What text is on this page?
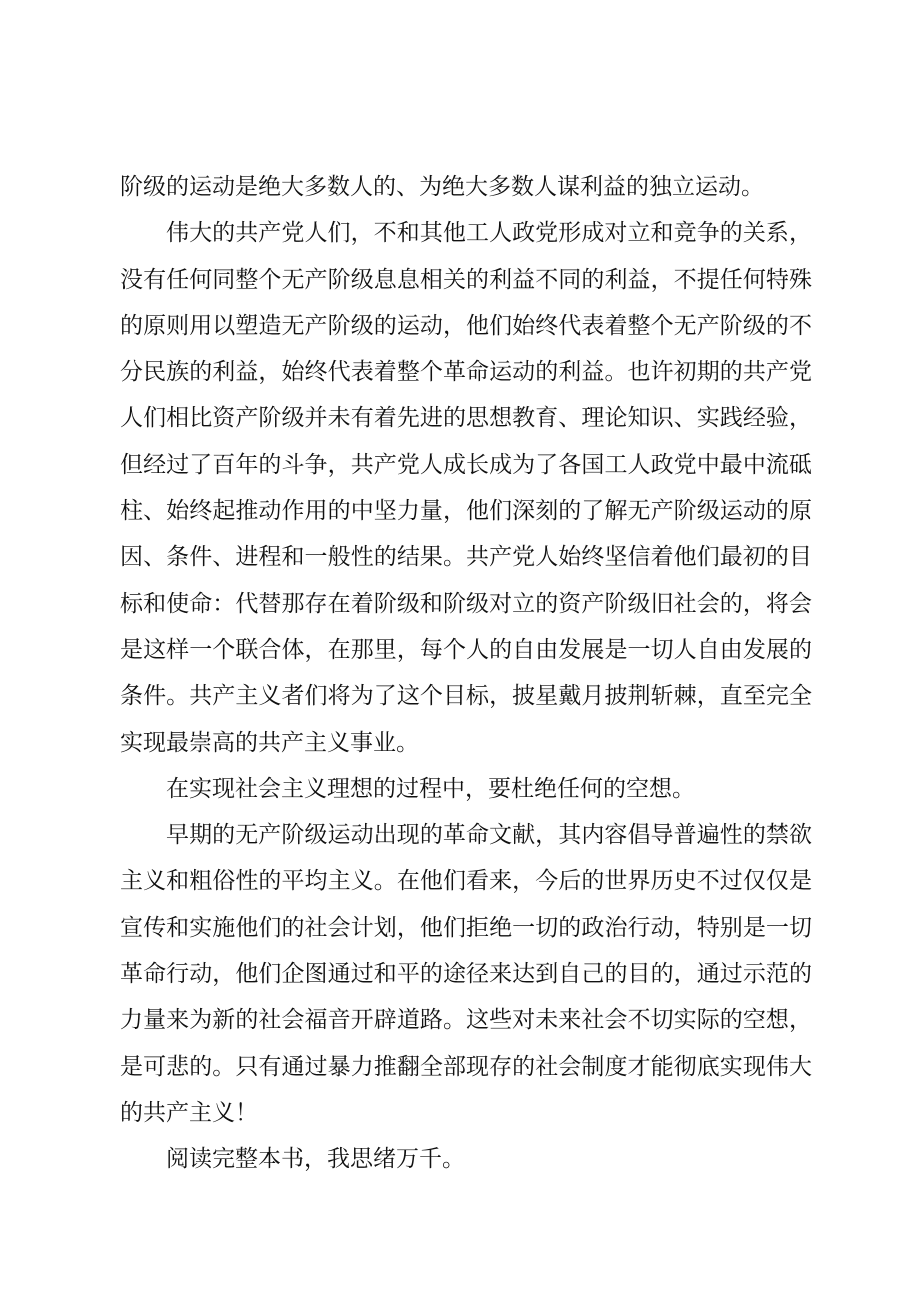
阶级的运动是绝大多数人的、为绝大多数人谋利益的独立运动。

伟大的共产党人们，不和其他工人政党形成对立和竞争的关系，没有任何同整个无产阶级息息相关的利益不同的利益，不提任何特殊的原则用以塑造无产阶级的运动，他们始终代表着整个无产阶级的不分民族的利益，始终代表着整个革命运动的利益。也许初期的共产党人们相比资产阶级并未有着先进的思想教育、理论知识、实践经验，但经过了百年的斗争，共产党人成长成为了各国工人政党中最中流砥柱、始终起推动作用的中坚力量，他们深刻的了解无产阶级运动的原因、条件、进程和一般性的结果。共产党人始终坚信着他们最初的目标和使命：代替那存在着阶级和阶级对立的资产阶级旧社会的，将会是这样一个联合体，在那里，每个人的自由发展是一切人自由发展的条件。共产主义者们将为了这个目标，披星戴月披荆斩棘，直至完全实现最崇高的共产主义事业。

在实现社会主义理想的过程中，要杜绝任何的空想。

早期的无产阶级运动出现的革命文献，其内容倡导普遍性的禁欲主义和粗俗性的平均主义。在他们看来，今后的世界历史不过仅仅是宣传和实施他们的社会计划，他们拒绝一切的政治行动，特别是一切革命行动，他们企图通过和平的途径来达到自己的目的，通过示范的力量来为新的社会福音开辟道路。这些对未来社会不切实际的空想，是可悲的。只有通过暴力推翻全部现存的社会制度才能彻底实现伟大的共产主义！

阅读完整本书，我思绪万千。
